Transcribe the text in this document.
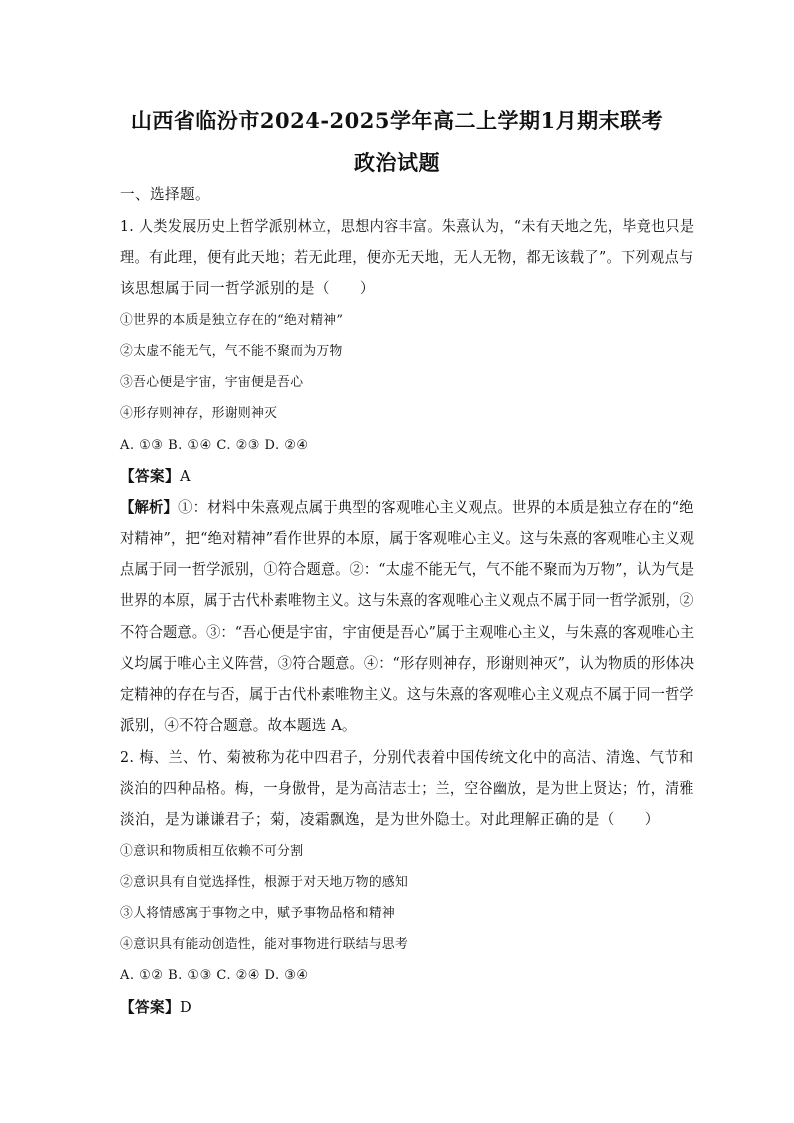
山西省临汾市2024-2025学年高二上学期1月期末联考
政治试题
一、选择题。
1. 人类发展历史上哲学派别林立，思想内容丰富。朱熹认为，“未有天地之先，毕竟也只是
理。有此理，便有此天地；若无此理，便亦无天地，无人无物，都无该载了”。下列观点与
该思想属于同一哲学派别的是（　　）
①世界的本质是独立存在的“绝对精神”
②太虚不能无气，气不能不聚而为万物
③吾心便是宇宙，宇宙便是吾心
④形存则神存，形谢则神灭
A. ①③ B. ①④ C. ②③ D. ②④
【答案】A
【解析】①：材料中朱熹观点属于典型的客观唯心主义观点。世界的本质是独立存在的“绝
对精神”，把“绝对精神”看作世界的本原，属于客观唯心主义。这与朱熹的客观唯心主义观
点属于同一哲学派别，①符合题意。②：“太虚不能无气，气不能不聚而为万物”，认为气是
世界的本原，属于古代朴素唯物主义。这与朱熹的客观唯心主义观点不属于同一哲学派别，②
不符合题意。③：“吾心便是宇宙，宇宙便是吾心”属于主观唯心主义，与朱熹的客观唯心主
义均属于唯心主义阵营，③符合题意。④：“形存则神存，形谢则神灭”，认为物质的形体决
定精神的存在与否，属于古代朴素唯物主义。这与朱熹的客观唯心主义观点不属于同一哲学
派别，④不符合题意。故本题选 A。
2. 梅、兰、竹、菊被称为花中四君子，分别代表着中国传统文化中的高洁、清逸、气节和
淡泊的四种品格。梅，一身傲骨，是为高洁志士；兰，空谷幽放，是为世上贤达；竹，清雅
淡泊，是为谦谦君子；菊，凌霜飘逸，是为世外隐士。对此理解正确的是（　　）
①意识和物质相互依赖不可分割
②意识具有自觉选择性，根源于对天地万物的感知
③人将情感寓于事物之中，赋予事物品格和精神
④意识具有能动创造性，能对事物进行联结与思考
A. ①② B. ①③ C. ②④ D. ③④
【答案】D
